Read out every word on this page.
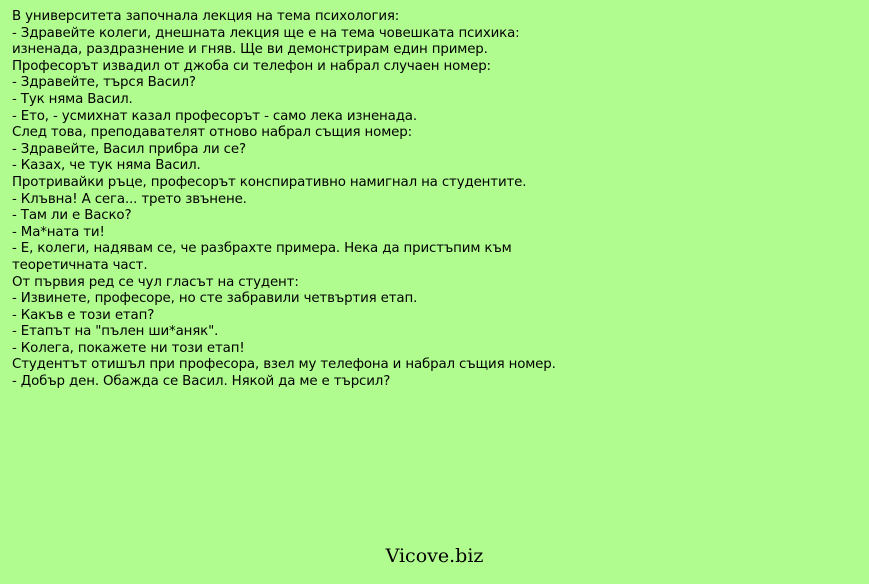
В университета започнала лекция на тема психология:
- Здравейте колеги, днешната лекция ще е на тема човешката психика: изненада, раздразнение и гняв. Ще ви демонстрирам един пример.
Професорът извадил от джоба си телефон и набрал случаен номер:
- Здравейте, търся Васил?
- Тук няма Васил.
- Ето, - усмихнат казал професорът - само лека изненада.
След това, преподавателят отново набрал същия номер:
- Здравейте, Васил прибра ли се?
- Казах, че тук няма Васил.
Протривайки ръце, професорът конспиративно намигнал на студентите.
- Клъвна! А сега... трето звънене.
- Там ли е Васко?
- Ма*ната ти!
- Е, колеги, надявам се, че разбрахте примера. Нека да пристъпим към теоретичната част.
От първия ред се чул гласът на студент:
- Извинете, професоре, но сте забравили четвъртия етап.
- Какъв е този етап?
- Етапът на "пълен ши*аняк".
- Колега, покажете ни този етап!
Студентът отишъл при професора, взел му телефона и набрал същия номер.
- Добър ден. Обажда се Васил. Някой да ме е търсил?
Vicove.biz
